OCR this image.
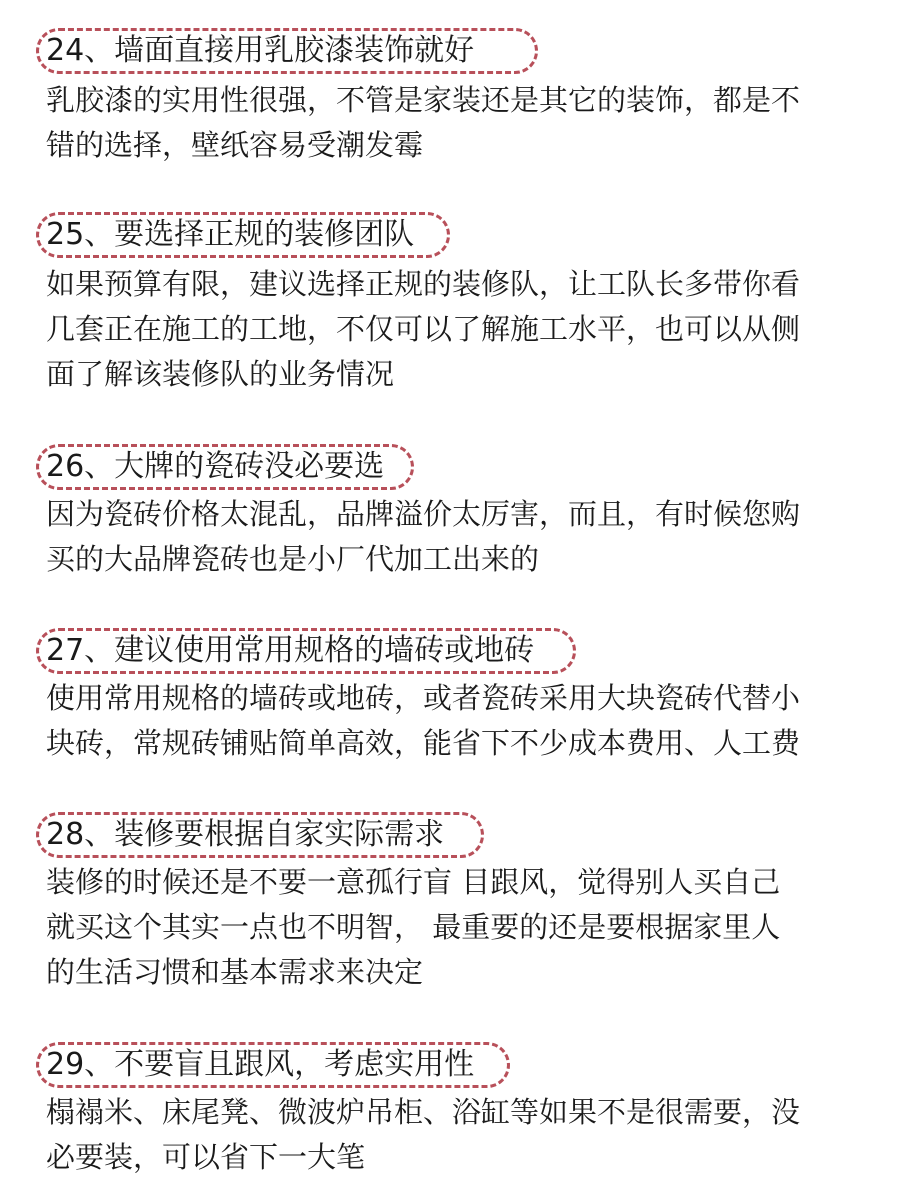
24、墙面直接用乳胶漆装饰就好
乳胶漆的实用性很强，不管是家装还是其它的装饰，都是不
错的选择，壁纸容易受潮发霉
25、要选择正规的装修团队
如果预算有限，建议选择正规的装修队，让工队长多带你看
几套正在施工的工地，不仅可以了解施工水平，也可以从侧
面了解该装修队的业务情况
26、大牌的瓷砖没必要选
因为瓷砖价格太混乱，品牌溢价太厉害，而且，有时候您购
买的大品牌瓷砖也是小厂代加工出来的
27、建议使用常用规格的墙砖或地砖
使用常用规格的墙砖或地砖，或者瓷砖采用大块瓷砖代替小
块砖，常规砖铺贴简单高效，能省下不少成本费用、人工费
28、装修要根据自家实际需求
装修的时候还是不要一意孤行盲 目跟风，觉得别人买自己
就买这个其实一点也不明智， 最重要的还是要根据家里人
的生活习惯和基本需求来决定
29、不要盲且跟风，考虑实用性
榻褟米、床尾凳、微波炉吊柜、浴缸等如果不是很需要，没
必要装，可以省下一大笔
